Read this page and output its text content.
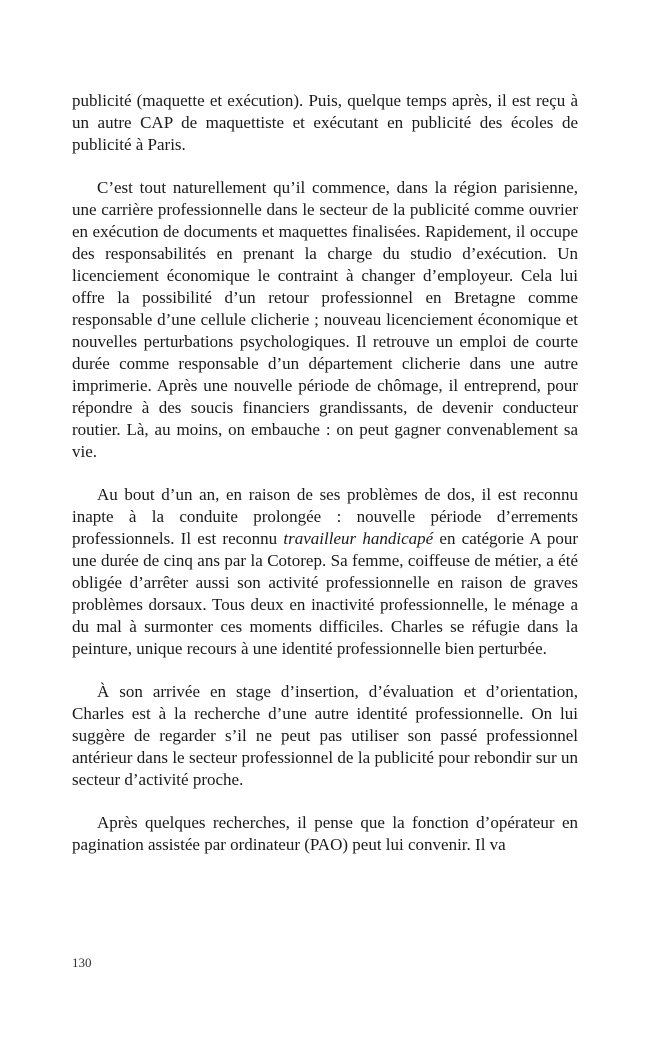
publicité (maquette et exécution). Puis, quelque temps après, il est reçu à un autre CAP de maquettiste et exécutant en publicité des écoles de publicité à Paris.

C’est tout naturellement qu’il commence, dans la région parisienne, une carrière professionnelle dans le secteur de la publicité comme ouvrier en exécution de documents et maquettes finalisées. Rapidement, il occupe des responsabilités en prenant la charge du studio d’exécution. Un licenciement économique le contraint à changer d’employeur. Cela lui offre la possibilité d’un retour professionnel en Bretagne comme responsable d’une cellule clicherie ; nouveau licenciement économique et nouvelles perturbations psychologiques. Il retrouve un emploi de courte durée comme responsable d’un département clicherie dans une autre imprimerie. Après une nouvelle période de chômage, il entreprend, pour répondre à des soucis financiers grandissants, de devenir conducteur routier. Là, au moins, on embauche : on peut gagner convenablement sa vie.

Au bout d’un an, en raison de ses problèmes de dos, il est reconnu inapte à la conduite prolongée : nouvelle période d’errements professionnels. Il est reconnu travailleur handicapé en catégorie A pour une durée de cinq ans par la Cotorep. Sa femme, coiffeuse de métier, a été obligée d’arrêter aussi son activité professionnelle en raison de graves problèmes dorsaux. Tous deux en inactivité professionnelle, le ménage a du mal à surmonter ces moments difficiles. Charles se réfugie dans la peinture, unique recours à une identité professionnelle bien perturbée.

À son arrivée en stage d’insertion, d’évaluation et d’orientation, Charles est à la recherche d’une autre identité professionnelle. On lui suggère de regarder s’il ne peut pas utiliser son passé professionnel antérieur dans le secteur professionnel de la publicité pour rebondir sur un secteur d’activité proche.

Après quelques recherches, il pense que la fonction d’opérateur en pagination assistée par ordinateur (PAO) peut lui convenir. Il va

130
